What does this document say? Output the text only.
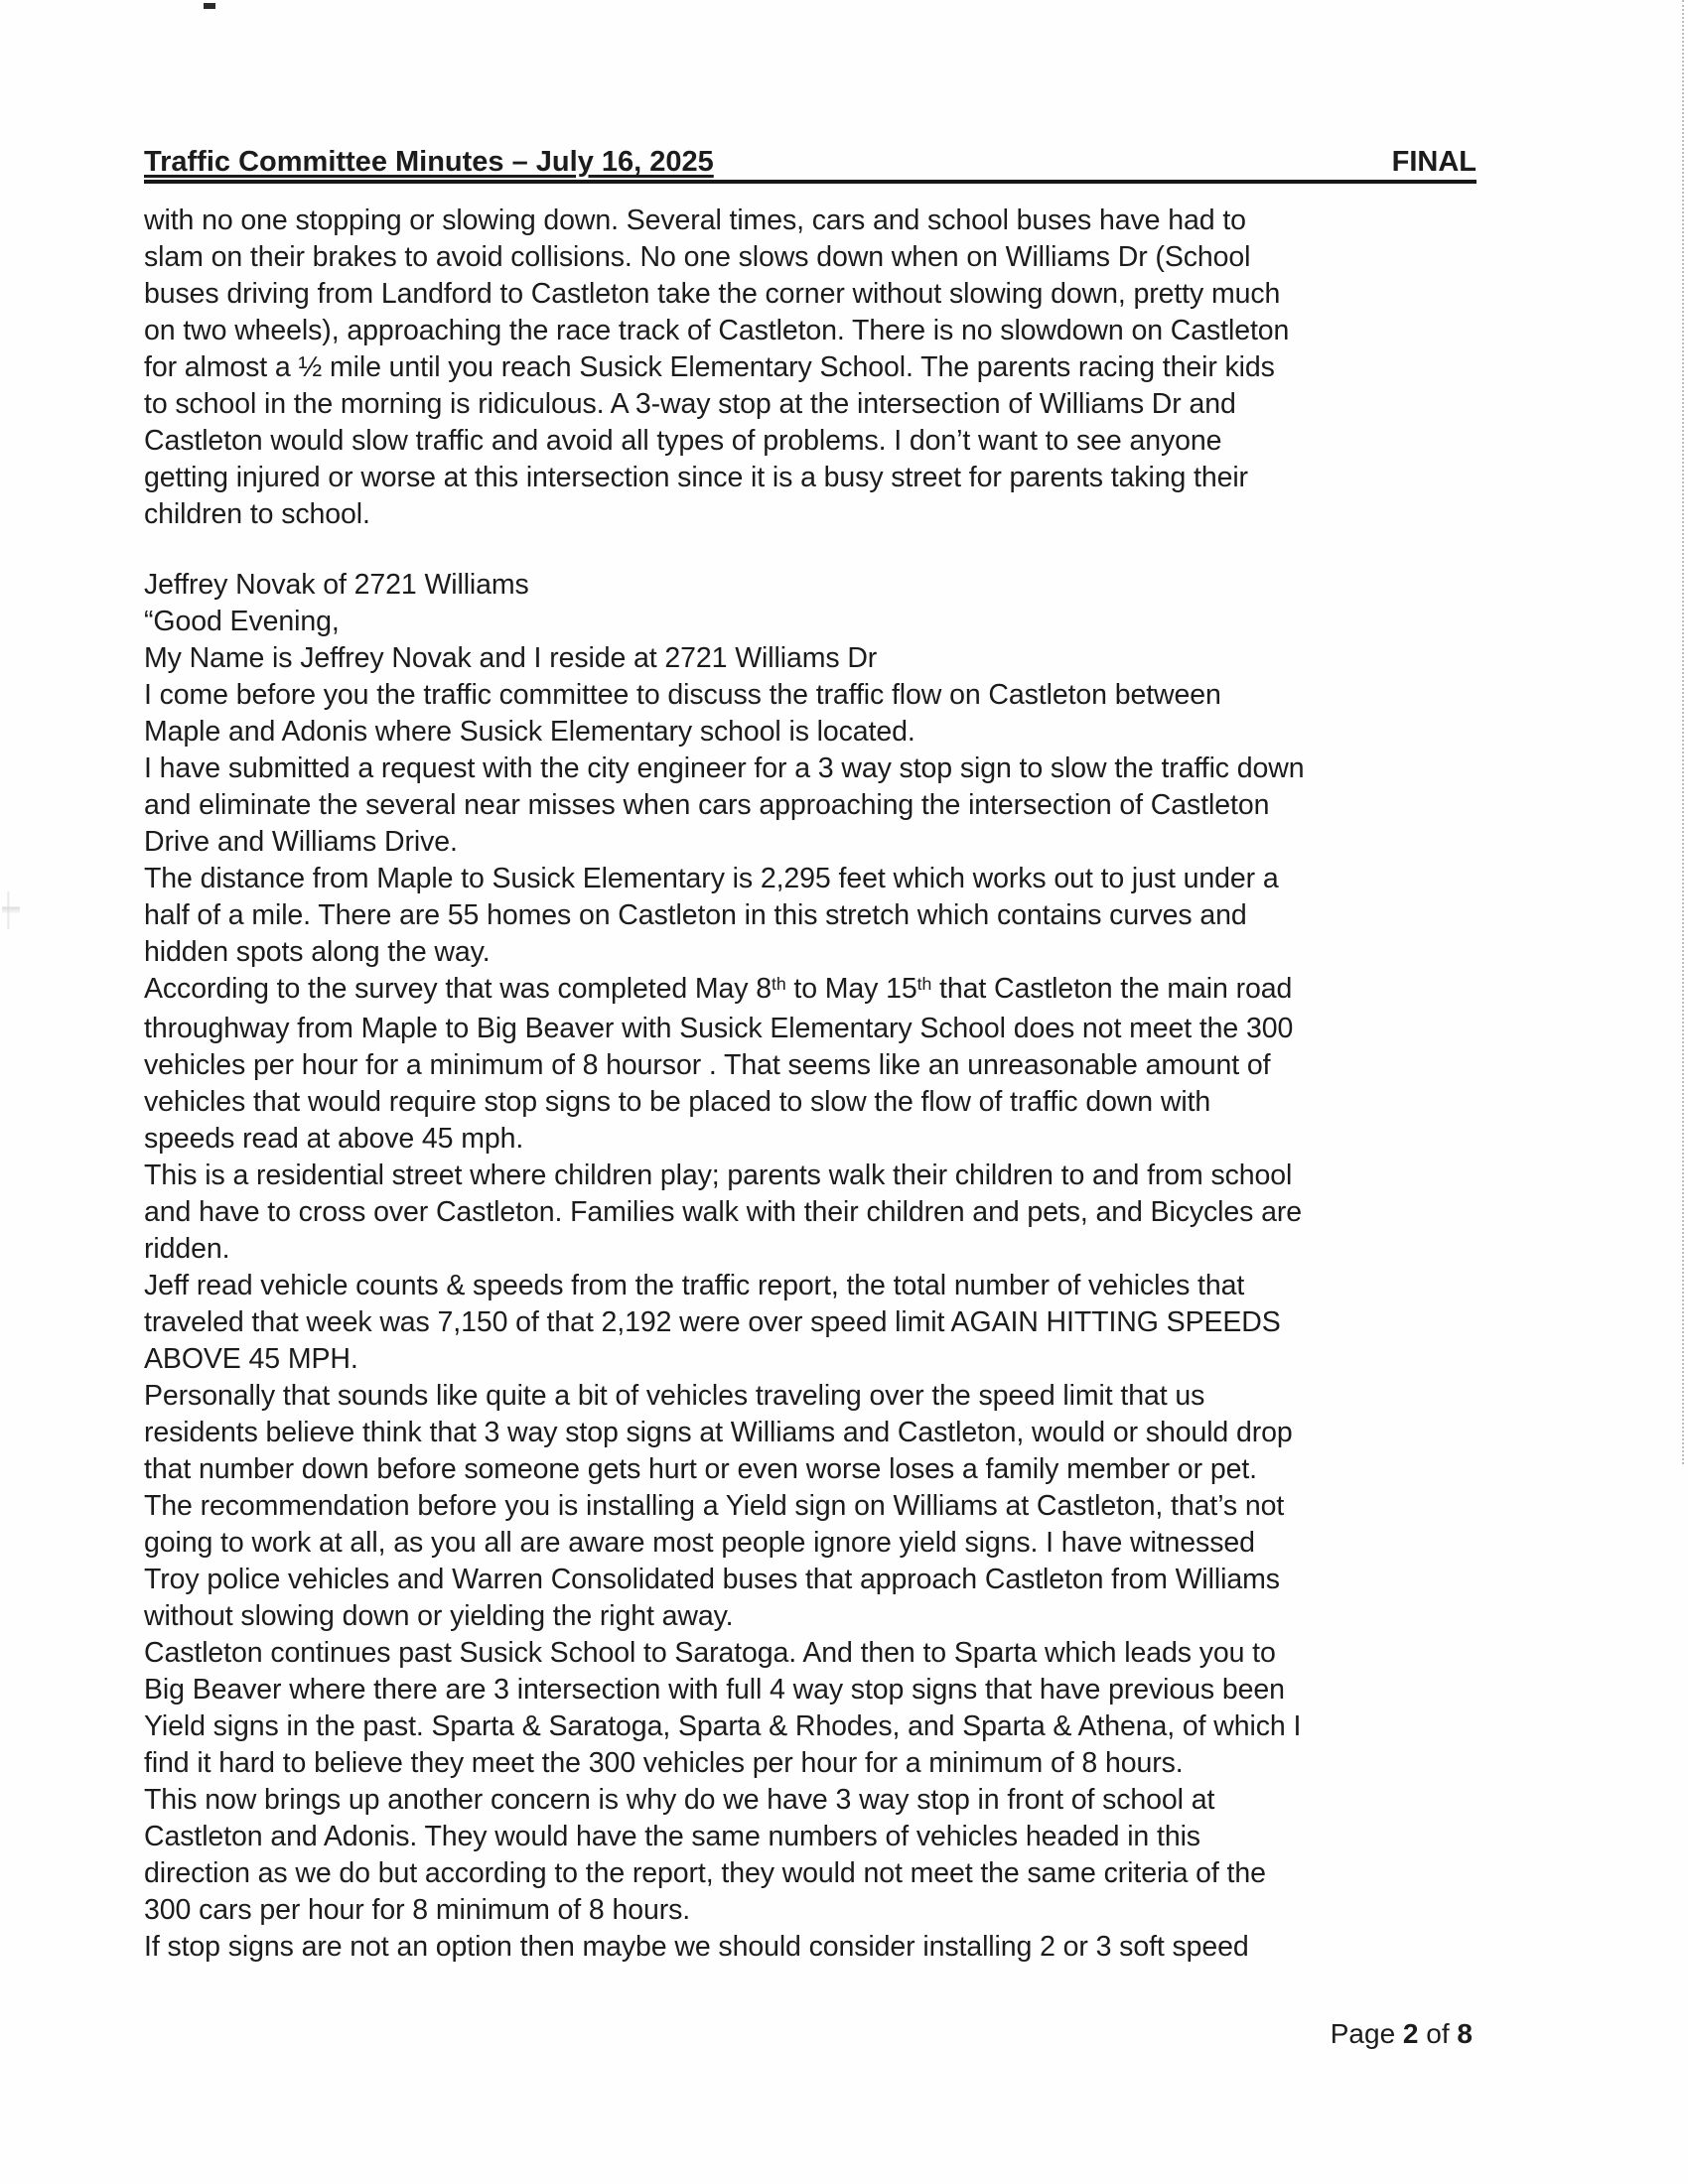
Traffic Committee Minutes – July 16, 2025	FINAL

with no one stopping or slowing down. Several times, cars and school buses have had to
slam on their brakes to avoid collisions. No one slows down when on Williams Dr (School
buses driving from Landford to Castleton take the corner without slowing down, pretty much
on two wheels), approaching the race track of Castleton. There is no slowdown on Castleton
for almost a ½ mile until you reach Susick Elementary School. The parents racing their kids
to school in the morning is ridiculous. A 3-way stop at the intersection of Williams Dr and
Castleton would slow traffic and avoid all types of problems. I don’t want to see anyone
getting injured or worse at this intersection since it is a busy street for parents taking their
children to school.

Jeffrey Novak of 2721 Williams
“Good Evening,
My Name is Jeffrey Novak and I reside at 2721 Williams Dr
I come before you the traffic committee to discuss the traffic flow on Castleton between
Maple and Adonis where Susick Elementary school is located.
I have submitted a request with the city engineer for a 3 way stop sign to slow the traffic down
and eliminate the several near misses when cars approaching the intersection of Castleton
Drive and Williams Drive.
The distance from Maple to Susick Elementary is 2,295 feet which works out to just under a
half of a mile. There are 55 homes on Castleton in this stretch which contains curves and
hidden spots along the way.
According to the survey that was completed May 8th to May 15th that Castleton the main road
throughway from Maple to Big Beaver with Susick Elementary School does not meet the 300
vehicles per hour for a minimum of 8 hoursor . That seems like an unreasonable amount of
vehicles that would require stop signs to be placed to slow the flow of traffic down with
speeds read at above 45 mph.
This is a residential street where children play; parents walk their children to and from school
and have to cross over Castleton. Families walk with their children and pets, and Bicycles are
ridden.
Jeff read vehicle counts & speeds from the traffic report, the total number of vehicles that
traveled that week was 7,150 of that 2,192 were over speed limit AGAIN HITTING SPEEDS
ABOVE 45 MPH.
Personally that sounds like quite a bit of vehicles traveling over the speed limit that us
residents believe think that 3 way stop signs at Williams and Castleton, would or should drop
that number down before someone gets hurt or even worse loses a family member or pet.
The recommendation before you is installing a Yield sign on Williams at Castleton, that’s not
going to work at all, as you all are aware most people ignore yield signs. I have witnessed
Troy police vehicles and Warren Consolidated buses that approach Castleton from Williams
without slowing down or yielding the right away.
Castleton continues past Susick School to Saratoga. And then to Sparta which leads you to
Big Beaver where there are 3 intersection with full 4 way stop signs that have previous been
Yield signs in the past. Sparta & Saratoga, Sparta & Rhodes, and Sparta & Athena, of which I
find it hard to believe they meet the 300 vehicles per hour for a minimum of 8 hours.
This now brings up another concern is why do we have 3 way stop in front of school at
Castleton and Adonis. They would have the same numbers of vehicles headed in this
direction as we do but according to the report, they would not meet the same criteria of the
300 cars per hour for 8 minimum of 8 hours.
If stop signs are not an option then maybe we should consider installing 2 or 3 soft speed

Page 2 of 8
